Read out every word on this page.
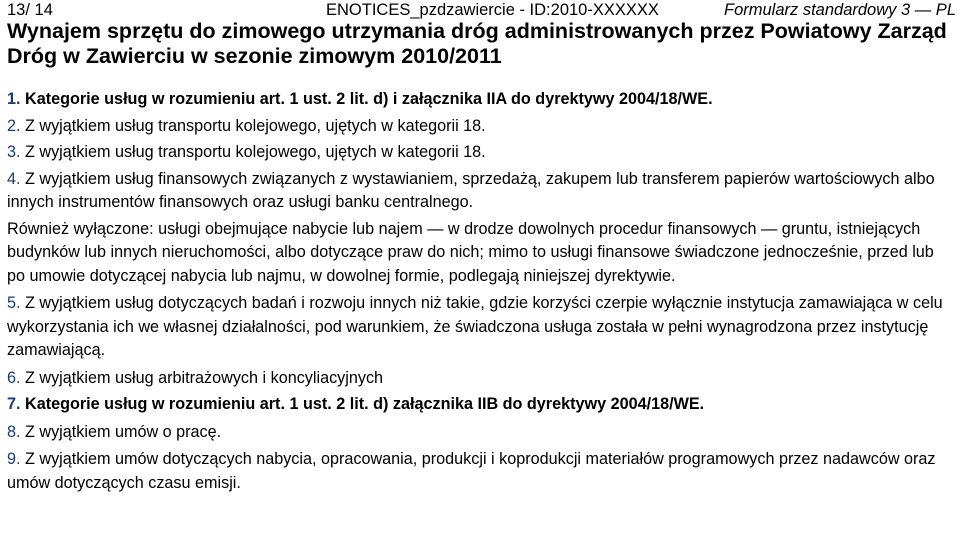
13/ 14	ENOTICES_pzdzawiercie - ID:2010-XXXXXX	Formularz standardowy 3 — PL
Wynajem sprzętu do zimowego utrzymania dróg administrowanych przez Powiatowy Zarząd Dróg w Zawierciu w sezonie zimowym 2010/2011

1. Kategorie usług w rozumieniu art. 1 ust. 2 lit. d) i załącznika IIA do dyrektywy 2004/18/WE.

2. Z wyjątkiem usług transportu kolejowego, ujętych w kategorii 18.

3. Z wyjątkiem usług transportu kolejowego, ujętych w kategorii 18.

4. Z wyjątkiem usług finansowych związanych z wystawianiem, sprzedażą, zakupem lub transferem papierów wartościowych albo innych instrumentów finansowych oraz usługi banku centralnego.

Również wyłączone: usługi obejmujące nabycie lub najem — w drodze dowolnych procedur finansowych — gruntu, istniejących budynków lub innych nieruchomości, albo dotyczące praw do nich; mimo to usługi finansowe świadczone jednocześnie, przed lub po umowie dotyczącej nabycia lub najmu, w dowolnej formie, podlegają niniejszej dyrektywie.

5. Z wyjątkiem usług dotyczących badań i rozwoju innych niż takie, gdzie korzyści czerpie wyłącznie instytucja zamawiająca w celu wykorzystania ich we własnej działalności, pod warunkiem, że świadczona usługa została w pełni wynagrodzona przez instytucję zamawiającą.

6. Z wyjątkiem usług arbitrażowych i koncyliacyjnych

7. Kategorie usług w rozumieniu art. 1 ust. 2 lit. d) załącznika IIB do dyrektywy 2004/18/WE.

8. Z wyjątkiem umów o pracę.

9. Z wyjątkiem umów dotyczących nabycia, opracowania, produkcji i koprodukcji materiałów programowych przez nadawców oraz umów dotyczących czasu emisji.
